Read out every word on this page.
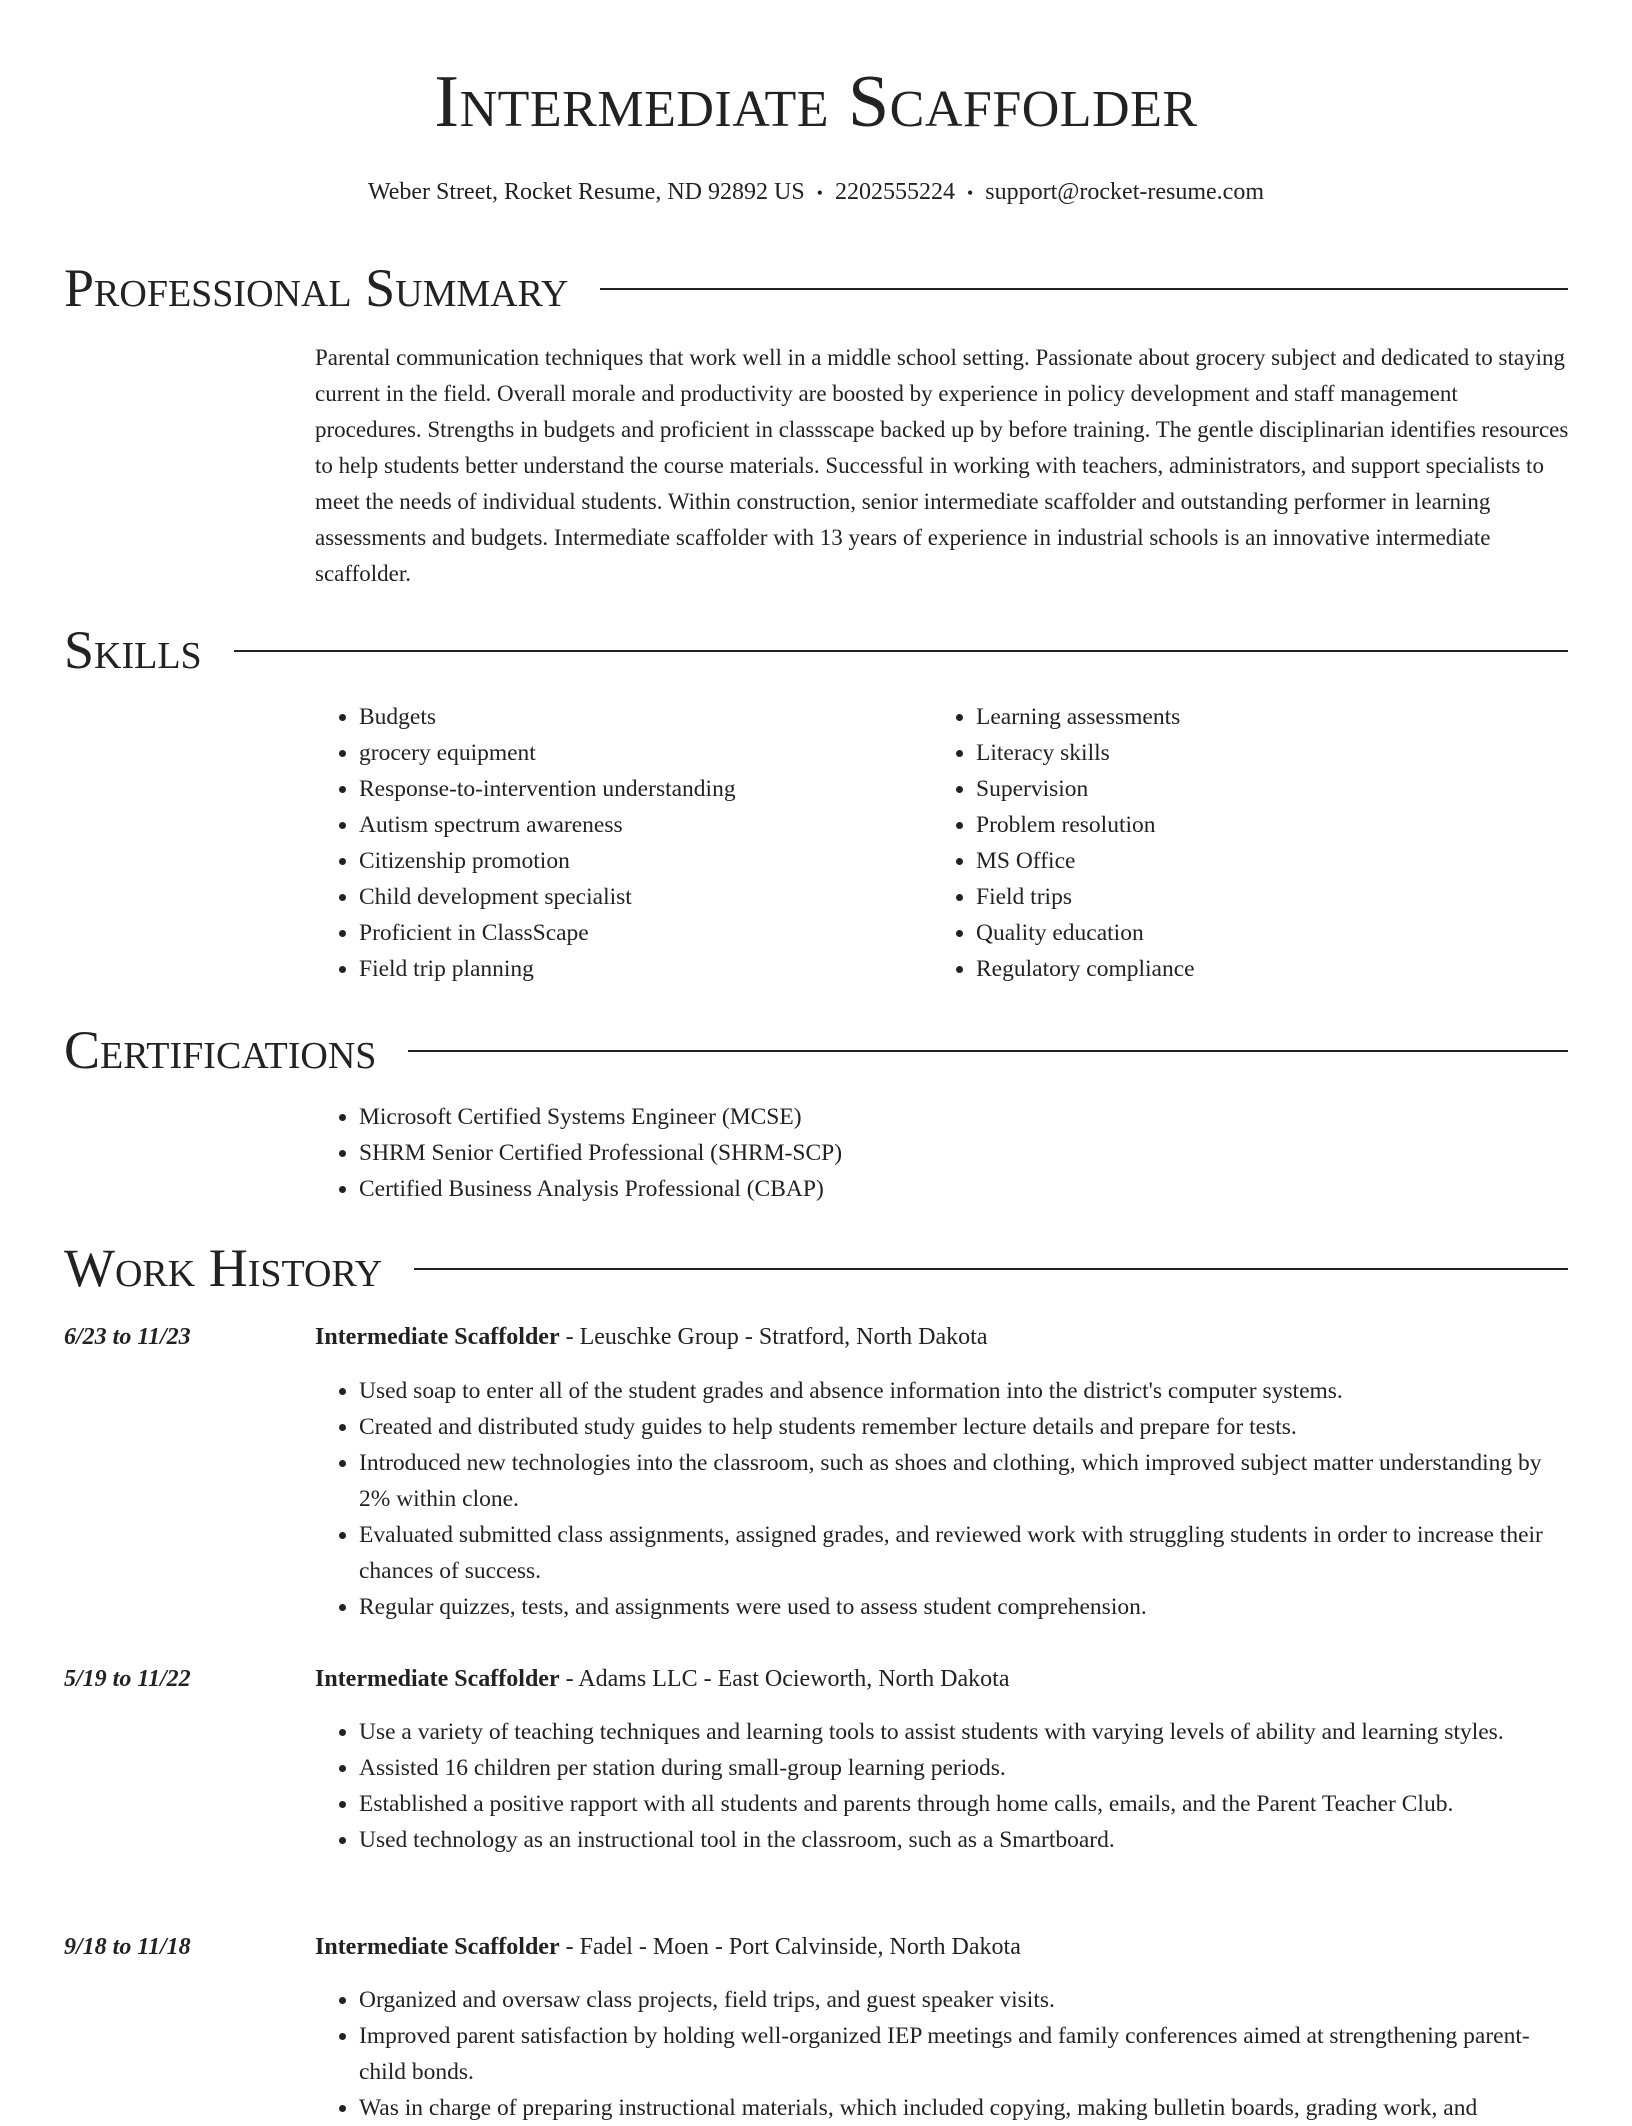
Intermediate Scaffolder
Weber Street, Rocket Resume, ND 92892 US • 2202555224 • support@rocket-resume.com
Professional Summary

Parental communication techniques that work well in a middle school setting. Passionate about grocery subject and dedicated to staying current in the field. Overall morale and productivity are boosted by experience in policy development and staff management procedures. Strengths in budgets and proficient in classscape backed up by before training. The gentle disciplinarian identifies resources to help students better understand the course materials. Successful in working with teachers, administrators, and support specialists to meet the needs of individual students. Within construction, senior intermediate scaffolder and outstanding performer in learning assessments and budgets. Intermediate scaffolder with 13 years of experience in industrial schools is an innovative intermediate scaffolder.

Skills
• Budgets
• grocery equipment
• Response-to-intervention understanding
• Autism spectrum awareness
• Citizenship promotion
• Child development specialist
• Proficient in ClassScape
• Field trip planning
• Learning assessments
• Literacy skills
• Supervision
• Problem resolution
• MS Office
• Field trips
• Quality education
• Regulatory compliance
Certifications
• Microsoft Certified Systems Engineer (MCSE)
• SHRM Senior Certified Professional (SHRM-SCP)
• Certified Business Analysis Professional (CBAP)
Work History
6/23 to 11/23	Intermediate Scaffolder - Leuschke Group - Stratford, North Dakota
• Used soap to enter all of the student grades and absence information into the district's computer systems.
• Created and distributed study guides to help students remember lecture details and prepare for tests.
• Introduced new technologies into the classroom, such as shoes and clothing, which improved subject matter understanding by 2% within clone.
• Evaluated submitted class assignments, assigned grades, and reviewed work with struggling students in order to increase their chances of success.
• Regular quizzes, tests, and assignments were used to assess student comprehension.
5/19 to 11/22	Intermediate Scaffolder - Adams LLC - East Ocieworth, North Dakota
• Use a variety of teaching techniques and learning tools to assist students with varying levels of ability and learning styles.
• Assisted 16 children per station during small-group learning periods.
• Established a positive rapport with all students and parents through home calls, emails, and the Parent Teacher Club.
• Used technology as an instructional tool in the classroom, such as a Smartboard.
9/18 to 11/18	Intermediate Scaffolder - Fadel - Moen - Port Calvinside, North Dakota
• Organized and oversaw class projects, field trips, and guest speaker visits.
• Improved parent satisfaction by holding well-organized IEP meetings and family conferences aimed at strengthening parent-child bonds.
• Was in charge of preparing instructional materials, which included copying, making bulletin boards, grading work, and
